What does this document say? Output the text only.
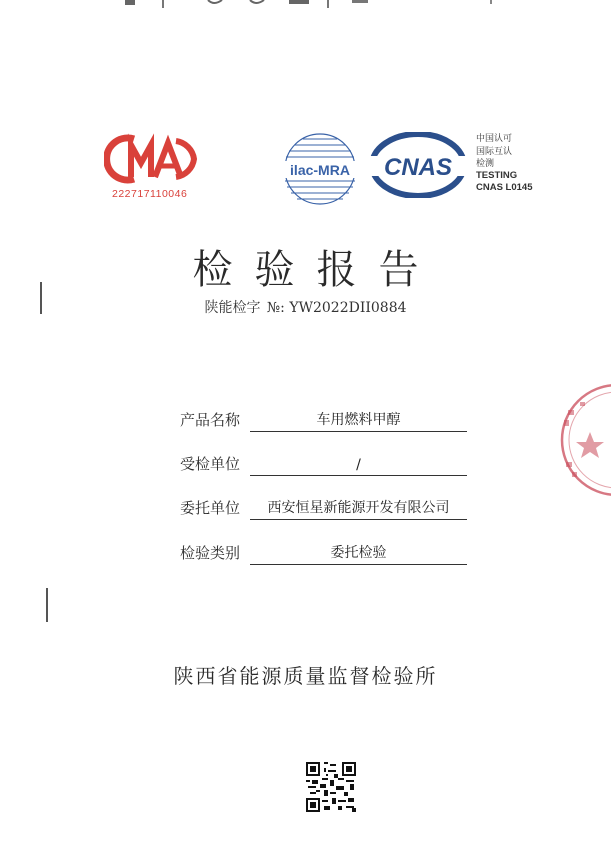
222717110046
ilac-MRA CNAS
中国认可
国际互认
检测
TESTING
CNAS L0145
检验报告
陕能检字 №: YW2022DII0884
产品名称	车用燃料甲醇
受检单位	/
委托单位	西安恒星新能源开发有限公司
检验类别	委托检验
陕西省能源质量监督检验所
